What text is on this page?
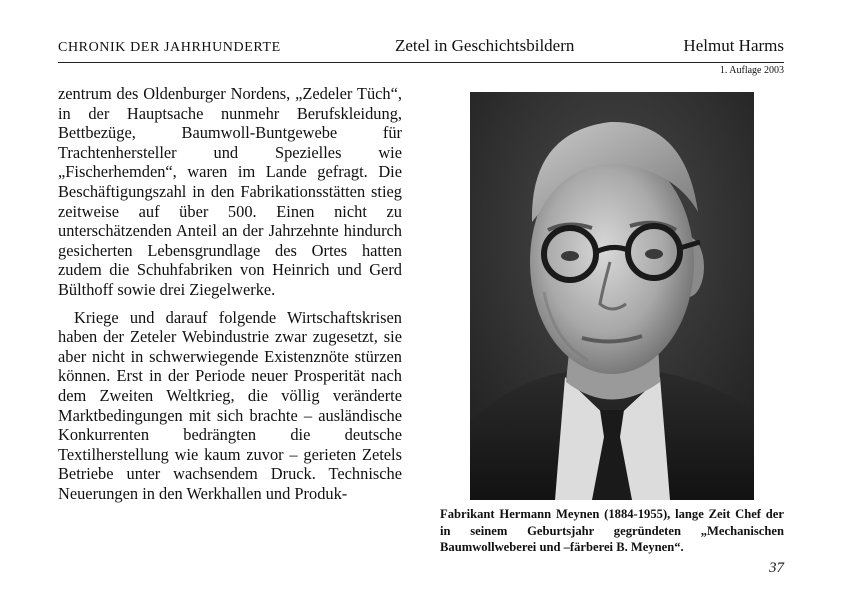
CHRONIK DER JAHRHUNDERTE	Zetel in Geschichtsbildern	Helmut Harms
1. Auflage 2003

zentrum des Oldenburger Nordens, „Zedeler Tüch“, in der Hauptsache nunmehr Berufskleidung, Bettbezüge, Baumwoll-Buntgewebe für Trachtenhersteller und Spezielles wie „Fischerhemden“, waren im Lande gefragt. Die Beschäftigungszahl in den Fabrikationsstätten stieg zeitweise auf über 500. Einen nicht zu unterschätzenden Anteil an der Jahrzehnte hindurch gesicherten Lebensgrundlage des Ortes hatten zudem die Schuhfabriken von Heinrich und Gerd Bülthoff sowie drei Ziegelwerke.

Kriege und darauf folgende Wirtschaftskrisen haben der Zeteler Webindustrie zwar zugesetzt, sie aber nicht in schwerwiegende Existenznöte stürzen können. Erst in der Periode neuer Prosperität nach dem Zweiten Weltkrieg, die völlig veränderte Marktbedingungen mit sich brachte – ausländische Konkurrenten bedrängten die deutsche Textilherstellung wie kaum zuvor – gerieten Zetels Betriebe unter wachsendem Druck. Technische Neuerungen in den Werkhallen und Produk-

Fabrikant Hermann Meynen (1884-1955), lange Zeit Chef der in seinem Geburtsjahr gegründeten „Mechanischen Baumwollweberei und –färberei B. Meynen“.
37
